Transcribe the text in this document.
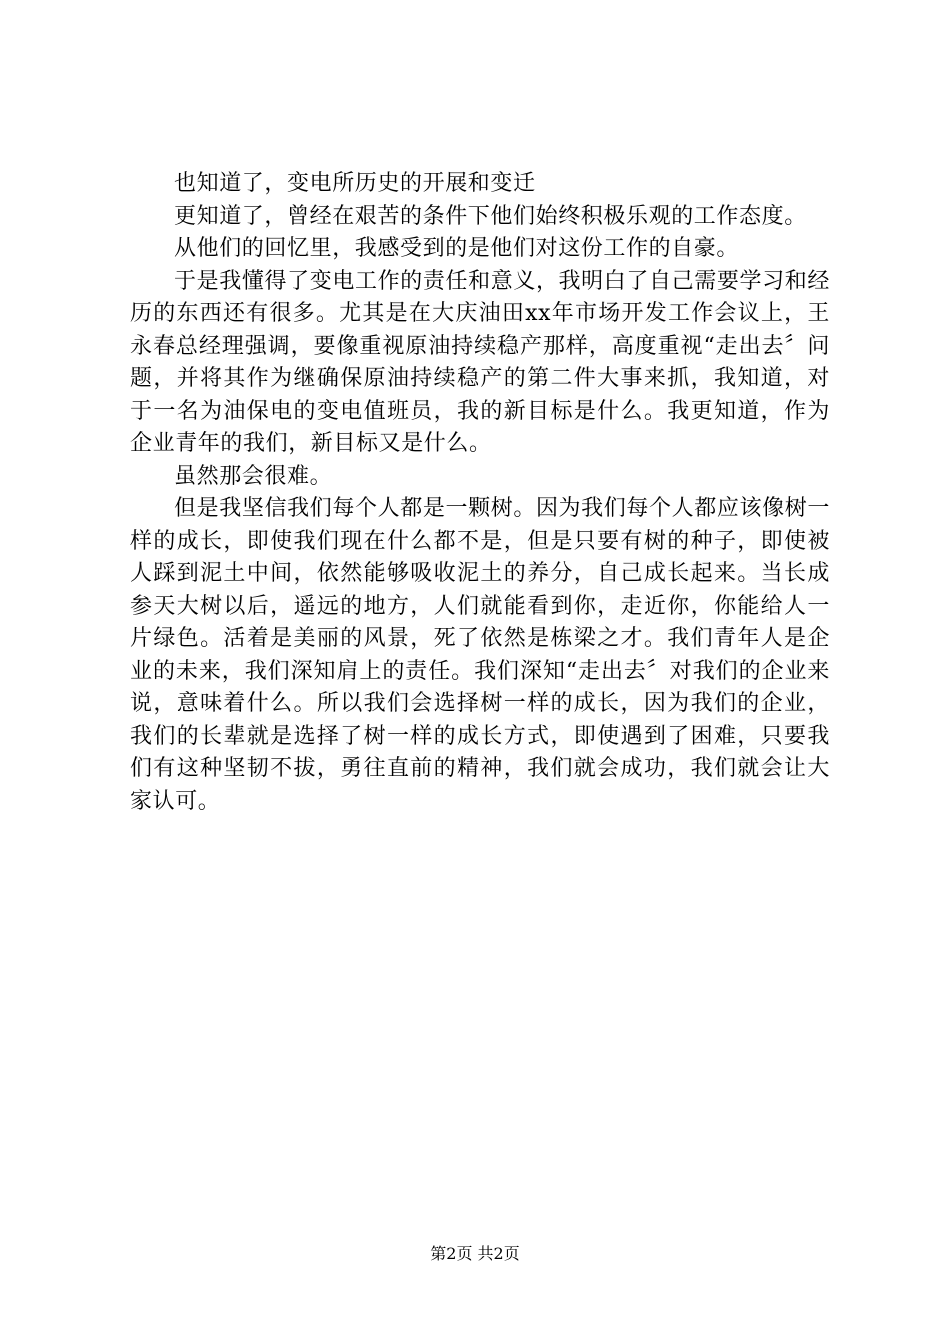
也知道了，变电所历史的开展和变迁

更知道了，曾经在艰苦的条件下他们始终积极乐观的工作态度。

从他们的回忆里，我感受到的是他们对这份工作的自豪。

于是我懂得了变电工作的责任和意义，我明白了自己需要学习和经历的东西还有很多。尤其是在大庆油田xx年市场开发工作会议上，王永春总经理强调，要像重视原油持续稳产那样，高度重视“走出去〞问题，并将其作为继确保原油持续稳产的第二件大事来抓，我知道，对于一名为油保电的变电值班员，我的新目标是什么。我更知道，作为企业青年的我们，新目标又是什么。

虽然那会很难。

但是我坚信我们每个人都是一颗树。因为我们每个人都应该像树一样的成长，即使我们现在什么都不是，但是只要有树的种子，即使被人踩到泥土中间，依然能够吸收泥土的养分，自己成长起来。当长成参天大树以后，遥远的地方，人们就能看到你，走近你，你能给人一片绿色。活着是美丽的风景，死了依然是栋梁之才。我们青年人是企业的未来，我们深知肩上的责任。我们深知“走出去〞对我们的企业来说，意味着什么。所以我们会选择树一样的成长，因为我们的企业，我们的长辈就是选择了树一样的成长方式，即使遇到了困难，只要我们有这种坚韧不拔，勇往直前的精神，我们就会成功，我们就会让大家认可。

第2页 共2页
